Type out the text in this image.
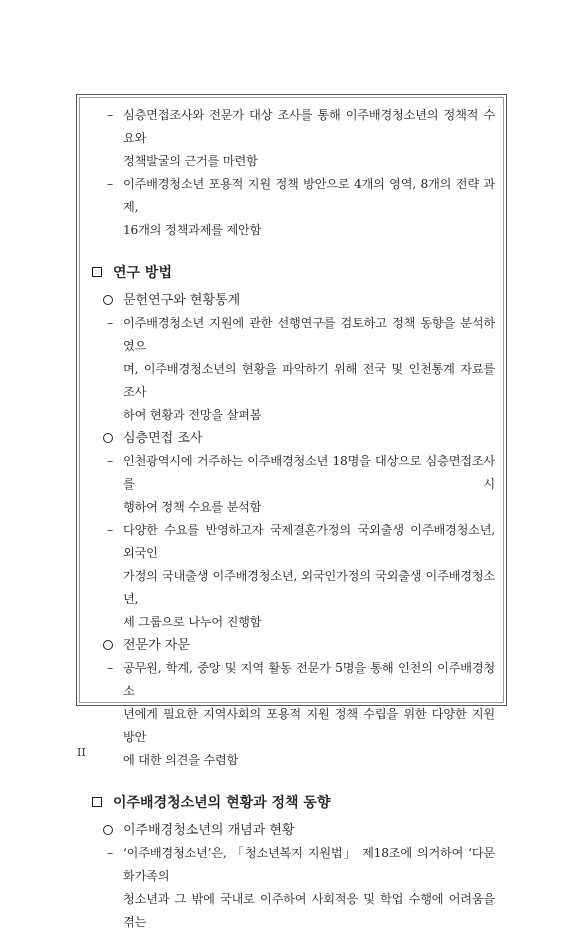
– 심층면접조사와 전문가 대상 조사를 통해 이주배경청소년의 정책적 수요와
정책발굴의 근거를 마련함
– 이주배경청소년 포용적 지원 정책 방안으로 4개의 영역, 8개의 전략 과제,
16개의 정책과제를 제안함
연구 방법
문헌연구와 현황통계
– 이주배경청소년 지원에 관한 선행연구를 검토하고 정책 동향을 분석하였으
며, 이주배경청소년의 현황을 파악하기 위해 전국 및 인천통계 자료를 조사
하여 현황과 전망을 살펴봄
심층면접 조사
– 인천광역시에 거주하는 이주배경청소년 18명을 대상으로 심층면접조사를 시
행하여 정책 수요를 분석함
– 다양한 수요를 반영하고자 국제결혼가정의 국외출생 이주배경청소년, 외국인
가정의 국내출생 이주배경청소년, 외국인가정의 국외출생 이주배경청소년,
세 그룹으로 나누어 진행함
전문가 자문
– 공무원, 학계, 중앙 및 지역 활동 전문가 5명을 통해 인천의 이주배경청소
년에게 필요한 지역사회의 포용적 지원 정책 수립을 위한 다양한 지원 방안
에 대한 의견을 수렴함
이주배경청소년의 현황과 정책 동향
이주배경청소년의 개념과 현황
– ‘이주배경청소년’은, 「청소년복지 지원법」 제18조에 의거하여 ‘다문화가족의
청소년과 그 밖에 국내로 이주하여 사회적응 및 학업 수행에 어려움을 겪는
II
